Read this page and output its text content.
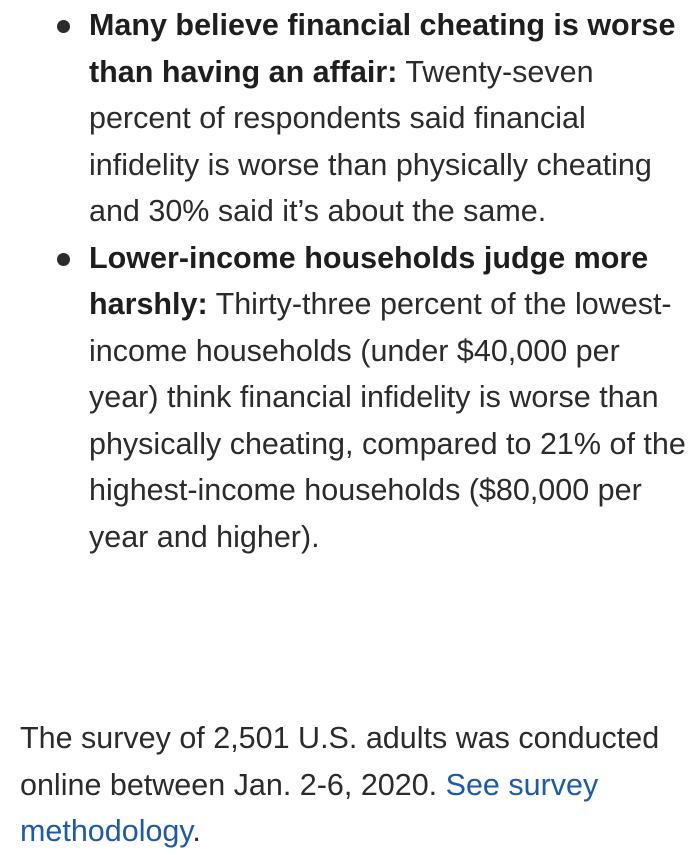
Many believe financial cheating is worse than having an affair: Twenty-seven percent of respondents said financial infidelity is worse than physically cheating and 30% said it’s about the same.
Lower-income households judge more harshly: Thirty-three percent of the lowest-income households (under $40,000 per year) think financial infidelity is worse than physically cheating, compared to 21% of the highest-income households ($80,000 per year and higher).

The survey of 2,501 U.S. adults was conducted online between Jan. 2-6, 2020. See survey methodology.
